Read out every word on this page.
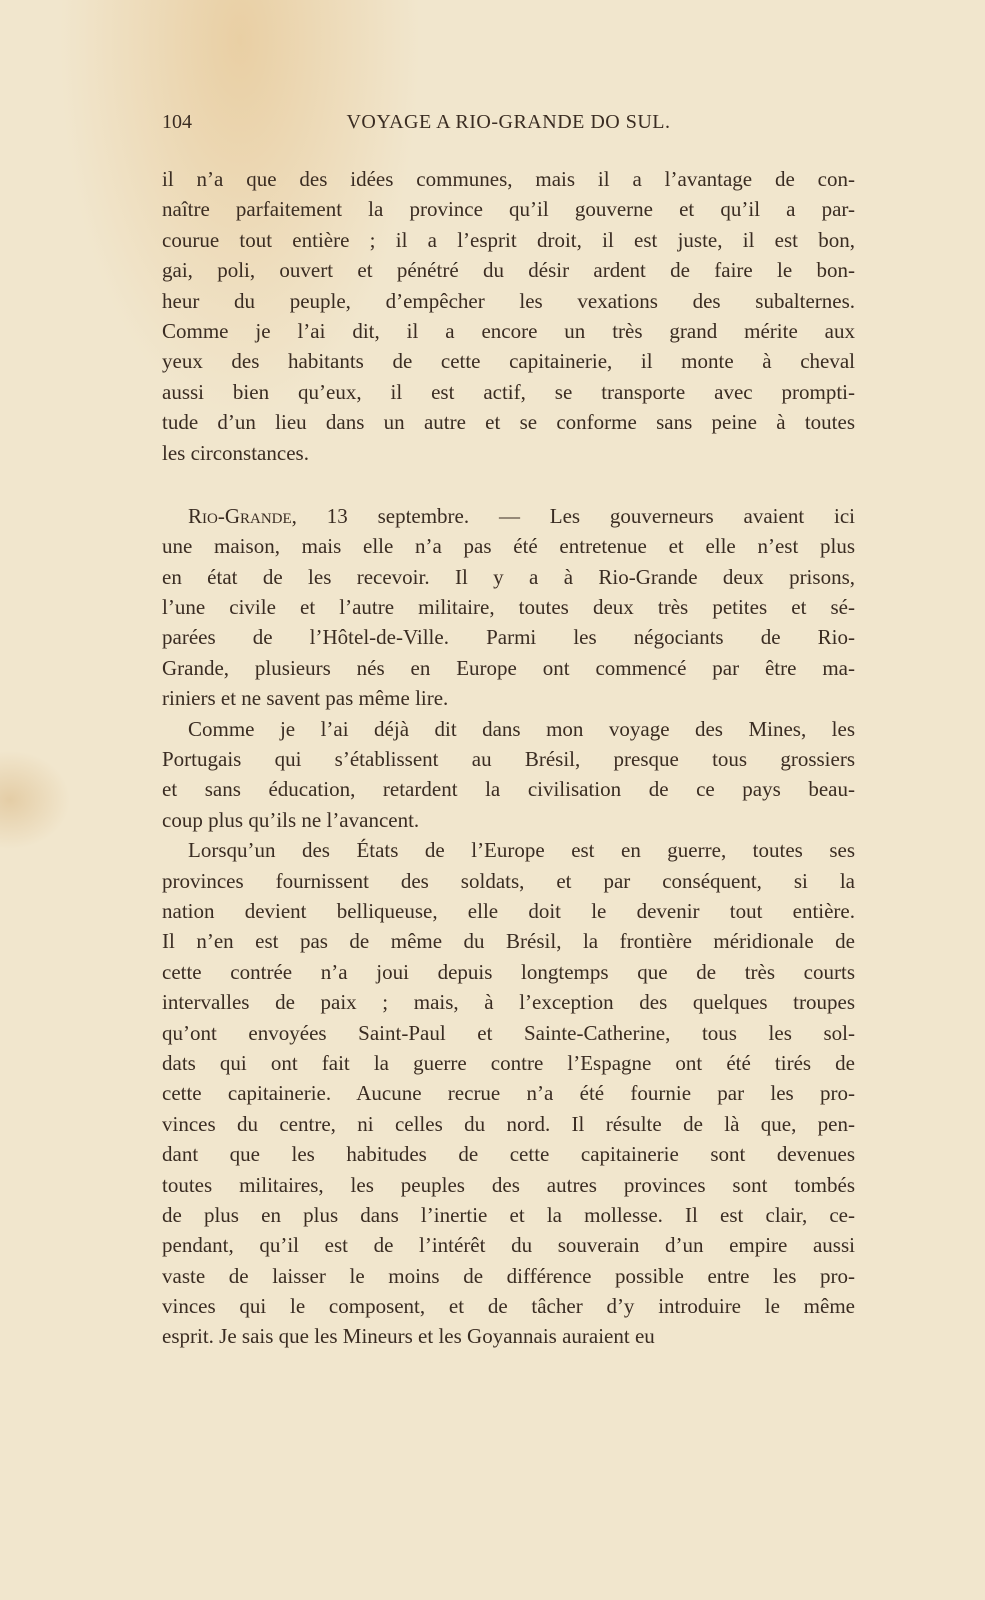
104	VOYAGE A RIO-GRANDE DO SUL.
il n’a que des idées communes, mais il a l’avantage de con-
naître parfaitement la province qu’il gouverne et qu’il a par-
courue tout entière ; il a l’esprit droit, il est juste, il est bon,
gai, poli, ouvert et pénétré du désir ardent de faire le bon-
heur du peuple, d’empêcher les vexations des subalternes.
Comme je l’ai dit, il a encore un très grand mérite aux
yeux des habitants de cette capitainerie, il monte à cheval
aussi bien qu’eux, il est actif, se transporte avec prompti-
tude d’un lieu dans un autre et se conforme sans peine à toutes
les circonstances.
Rio-Grande, 13 septembre. — Les gouverneurs avaient ici
une maison, mais elle n’a pas été entretenue et elle n’est plus
en état de les recevoir. Il y a à Rio-Grande deux prisons,
l’une civile et l’autre militaire, toutes deux très petites et sé-
parées de l’Hôtel-de-Ville. Parmi les négociants de Rio-
Grande, plusieurs nés en Europe ont commencé par être ma-
riniers et ne savent pas même lire.
Comme je l’ai déjà dit dans mon voyage des Mines, les
Portugais qui s’établissent au Brésil, presque tous grossiers
et sans éducation, retardent la civilisation de ce pays beau-
coup plus qu’ils ne l’avancent.
Lorsqu’un des États de l’Europe est en guerre, toutes ses
provinces fournissent des soldats, et par conséquent, si la
nation devient belliqueuse, elle doit le devenir tout entière.
Il n’en est pas de même du Brésil, la frontière méridionale de
cette contrée n’a joui depuis longtemps que de très courts
intervalles de paix ; mais, à l’exception des quelques troupes
qu’ont envoyées Saint-Paul et Sainte-Catherine, tous les sol-
dats qui ont fait la guerre contre l’Espagne ont été tirés de
cette capitainerie. Aucune recrue n’a été fournie par les pro-
vinces du centre, ni celles du nord. Il résulte de là que, pen-
dant que les habitudes de cette capitainerie sont devenues
toutes militaires, les peuples des autres provinces sont tombés
de plus en plus dans l’inertie et la mollesse. Il est clair, ce-
pendant, qu’il est de l’intérêt du souverain d’un empire aussi
vaste de laisser le moins de différence possible entre les pro-
vinces qui le composent, et de tâcher d’y introduire le même
esprit. Je sais que les Mineurs et les Goyannais auraient eu
